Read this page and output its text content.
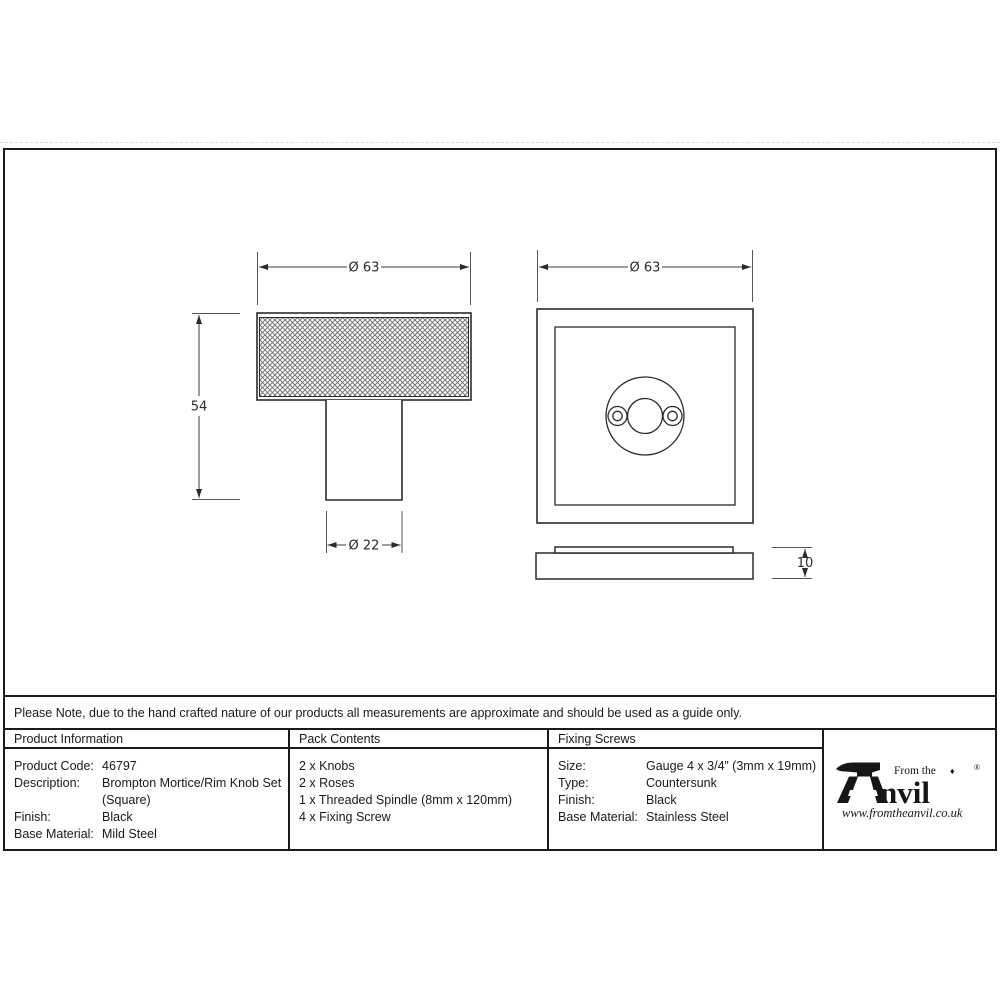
Please Note, due to the hand crafted nature of our products all measurements are approximate and should be used as a guide only.
Product Information	Pack Contents	Fixing Screws
nvil
From the ♦ ®
www.fromtheanvil.co.uk
Product Code: 46797
Description:	Brompton Mortice/Rim Knob Set
(Square)
Finish:	Black
Base Material: Mild Steel
2 x Knobs
2 x Roses
1 x Threaded Spindle (8mm x 120mm)
4 x Fixing Screw
Size:	Gauge 4 x 3/4” (3mm x 19mm)
Type:	Countersunk
Finish:	Black
Base Material: Stainless Steel
Ø 63
54
Ø 22
Ø 63
10
